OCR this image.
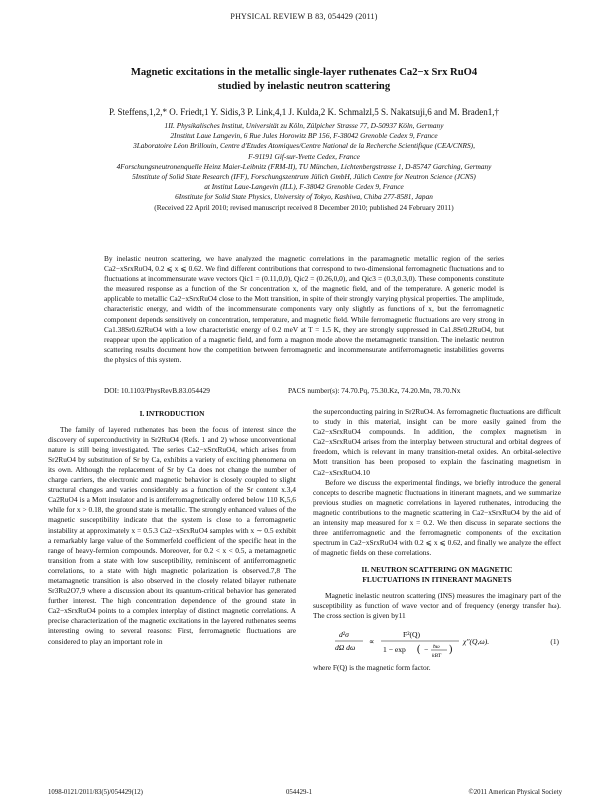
PHYSICAL REVIEW B 83, 054429 (2011)
Magnetic excitations in the metallic single-layer ruthenates Ca2−x Srx RuO4
studied by inelastic neutron scattering
P. Steffens,1,2,* O. Friedt,1 Y. Sidis,3 P. Link,4,1 J. Kulda,2 K. Schmalzl,5 S. Nakatsuji,6 and M. Braden1,†
1II. Physikalisches Institut, Universität zu Köln, Zülpicher Strasse 77, D-50937 Köln, Germany
2Institut Laue Langevin, 6 Rue Jules Horowitz BP 156, F-38042 Grenoble Cedex 9, France
3Laboratoire Léon Brillouin, Centre d'Etudes Atomiques/Centre National de la Recherche Scientifique (CEA/CNRS),
F-91191 Gif-sur-Yvette Cedex, France
4Forschungsneutronenquelle Heinz Maier-Leibnitz (FRM-II), TU München, Lichtenbergstrasse 1, D-85747 Garching, Germany
5Institute of Solid State Research (IFF), Forschungszentrum Jülich GmbH, Jülich Centre for Neutron Science (JCNS)
at Institut Laue-Langevin (ILL), F-38042 Grenoble Cedex 9, France
6Institute for Solid State Physics, University of Tokyo, Kashiwa, Chiba 277-8581, Japan
(Received 22 April 2010; revised manuscript received 8 December 2010; published 24 February 2011)
By inelastic neutron scattering, we have analyzed the magnetic correlations in the paramagnetic metallic region of the series Ca2−xSrxRuO4, 0.2 ⩽ x ⩽ 0.62. We find different contributions that correspond to two-dimensional ferromagnetic fluctuations and to fluctuations at incommensurate wave vectors Qic1 = (0.11,0,0), Qic2 = (0.26,0,0), and Qic3 = (0.3,0.3,0). These components constitute the measured response as a function of the Sr concentration x, of the magnetic field, and of the temperature. A generic model is applicable to metallic Ca2−xSrxRuO4 close to the Mott transition, in spite of their strongly varying physical properties. The amplitude, characteristic energy, and width of the incommensurate components vary only slightly as functions of x, but the ferromagnetic component depends sensitively on concentration, temperature, and magnetic field. While ferromagnetic fluctuations are very strong in Ca1.38Sr0.62RuO4 with a low characteristic energy of 0.2 meV at T = 1.5 K, they are strongly suppressed in Ca1.8Sr0.2RuO4, but reappear upon the application of a magnetic field, and form a magnon mode above the metamagnetic transition. The inelastic neutron scattering results document how the competition between ferromagnetic and incommensurate antiferromagnetic instabilities governs the physics of this system.
DOI: 10.1103/PhysRevB.83.054429	PACS number(s): 74.70.Pq, 75.30.Kz, 74.20.Mn, 78.70.Nx
I. INTRODUCTION

The family of layered ruthenates has been the focus of interest since the discovery of superconductivity in Sr2RuO4 (Refs. 1 and 2) whose unconventional nature is still being investigated. The series Ca2−xSrxRuO4, which arises from Sr2RuO4 by substitution of Sr by Ca, exhibits a variety of exciting phenomena on its own. Although the replacement of Sr by Ca does not change the number of charge carriers, the electronic and magnetic behavior is closely coupled to slight structural changes and varies considerably as a function of the Sr content x.3,4 Ca2RuO4 is a Mott insulator and is antiferromagnetically ordered below 110 K,5,6 while for x > 0.18, the ground state is metallic. The strongly enhanced values of the magnetic susceptibility indicate that the system is close to a ferromagnetic instability at approximately x = 0.5.3 Ca2−xSrxRuO4 samples with x ∼ 0.5 exhibit a remarkably large value of the Sommerfeld coefficient of the specific heat in the range of heavy-fermion compounds. Moreover, for 0.2 < x < 0.5, a metamagnetic transition from a state with low susceptibility, reminiscent of antiferromagnetic correlations, to a state with high magnetic polarization is observed.7,8 The metamagnetic transition is also observed in the closely related bilayer ruthenate Sr3Ru2O7,9 where a discussion about its quantum-critical behavior has generated further interest. The high concentration dependence of the ground state in Ca2−xSrxRuO4 points to a complex interplay of distinct magnetic correlations. A precise characterization of the magnetic excitations in the layered ruthenates seems interesting owing to several reasons: First, ferromagnetic fluctuations are considered to play an important role in

the superconducting pairing in Sr2RuO4. As ferromagnetic fluctuations are difficult to study in this material, insight can be more easily gained from the Ca2−xSrxRuO4 compounds. In addition, the complex magnetism in Ca2−xSrxRuO4 arises from the interplay between structural and orbital degrees of freedom, which is relevant in many transition-metal oxides. An orbital-selective Mott transition has been proposed to explain the fascinating magnetism in Ca2−xSrxRuO4.10

Before we discuss the experimental findings, we briefly introduce the general concepts to describe magnetic fluctuations in itinerant magnets, and we summarize previous studies on magnetic correlations in layered ruthenates, introducing the magnetic contributions to the magnetic scattering in Ca2−xSrxRuO4 by the aid of an intensity map measured for x = 0.2. We then discuss in separate sections the three antiferromagnetic and the ferromagnetic components of the excitation spectrum in Ca2−xSrxRuO4 with 0.2 ⩽ x ⩽ 0.62, and finally we analyze the effect of magnetic fields on these correlations.

II. NEUTRON SCATTERING ON MAGNETIC
FLUCTUATIONS IN ITINERANT MAGNETS

Magnetic inelastic neutron scattering (INS) measures the imaginary part of the susceptibility as function of wave vector and of frequency (energy transfer ħω). The cross section is given by11

d²σ
dΩ dω
∝
F²(Q)
1 − exp ( − ħω
kBT
)
χ″(Q,ω).	(1)

where F(Q) is the magnetic form factor.

1098-0121/2011/83(5)/054429(12)	054429-1	©2011 American Physical Society
